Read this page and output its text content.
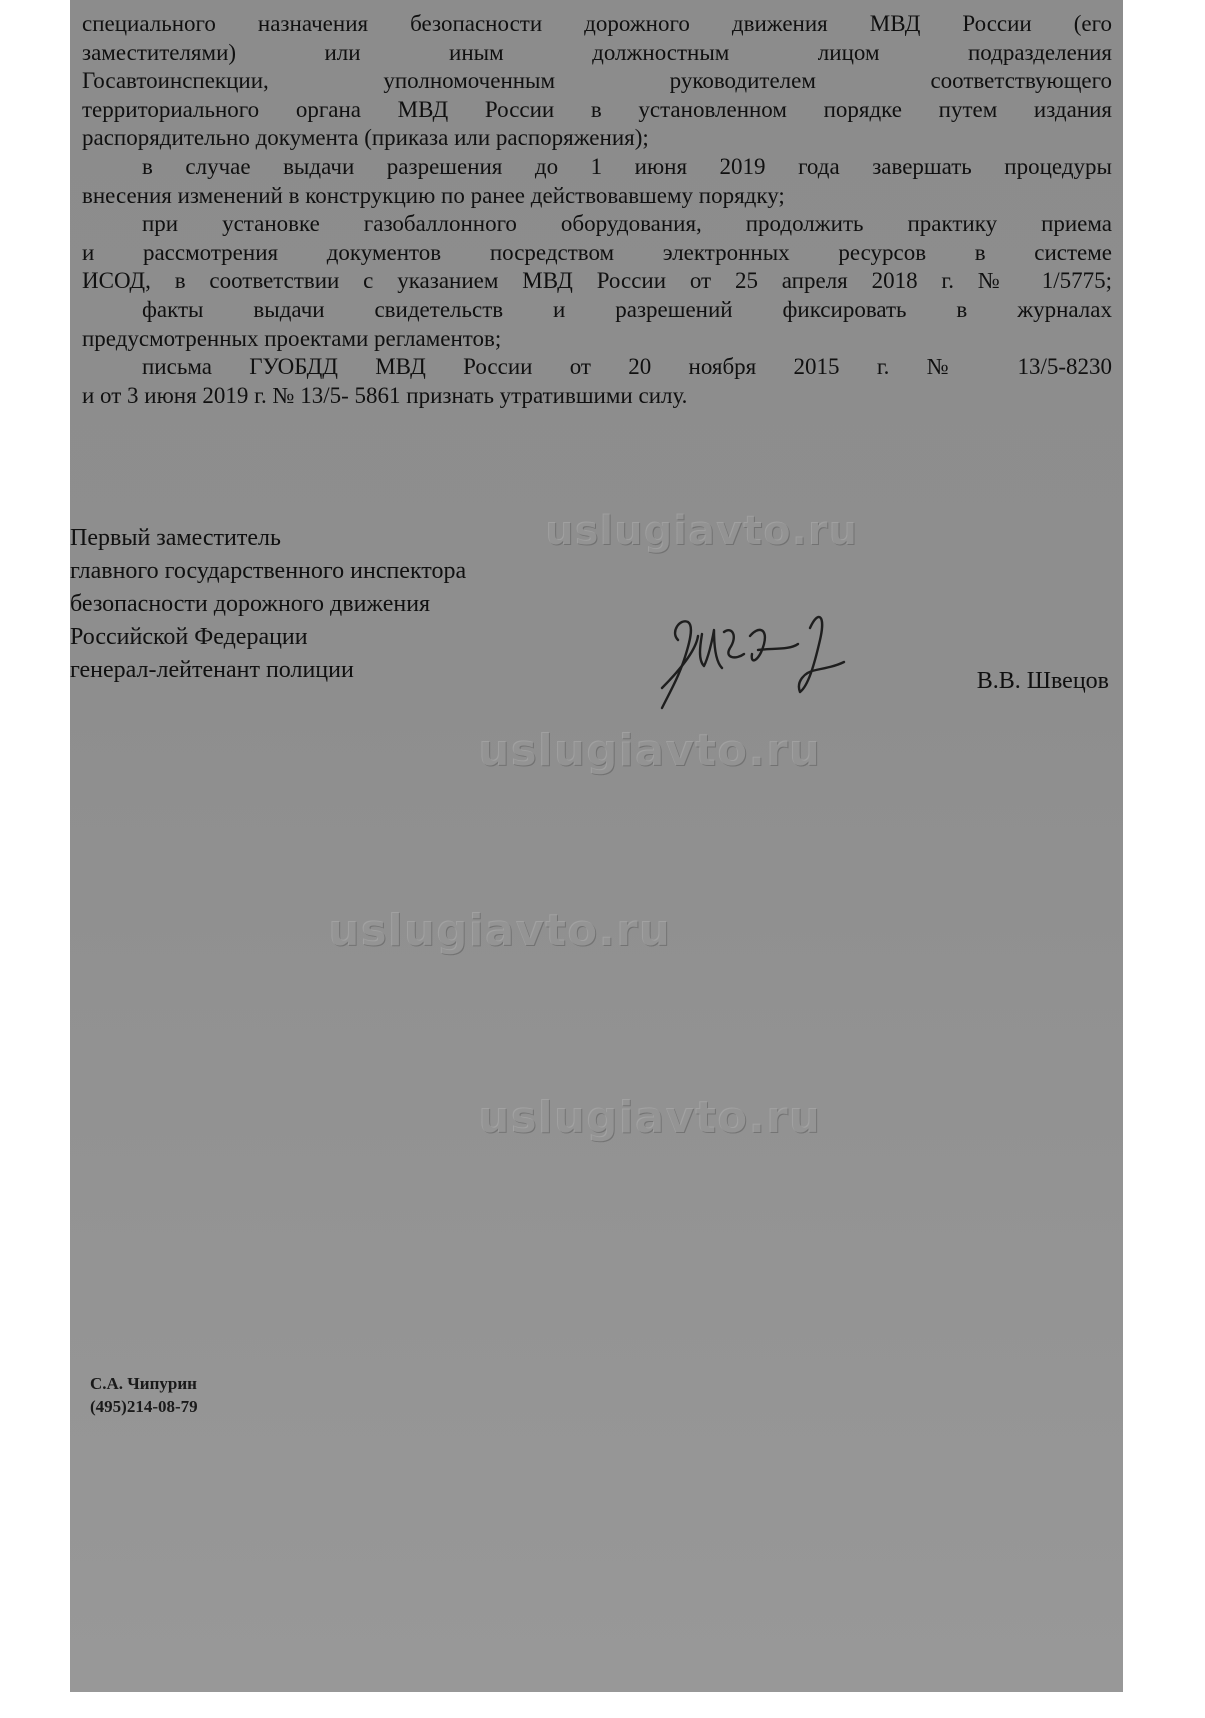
специального назначения безопасности дорожного движения МВД России (его

заместителями) или иным должностным лицом подразделения

Госавтоинспекции, уполномоченным руководителем соответствующего

территориального органа МВД России в установленном порядке путем издания

распорядительно документа (приказа или распоряжения);

в случае выдачи разрешения до 1 июня 2019 года завершать процедуры

внесения изменений в конструкцию по ранее действовавшему порядку;

при установке газобаллонного оборудования, продолжить практику приема

и рассмотрения документов посредством электронных ресурсов в системе

ИСОД, в соответствии с указанием МВД России от 25 апреля 2018 г. № 1/5775;

факты выдачи свидетельств и разрешений фиксировать в журналах

предусмотренных проектами регламентов;

письма ГУОБДД МВД России от 20 ноября 2015 г. № 13/5-8230

и от 3 июня 2019 г. № 13/5- 5861 признать утратившими силу.

Первый заместитель
главного государственного инспектора
безопасности дорожного движения
Российской Федерации
генерал-лейтенант полиции	В.В. Швецов
uslugiavto.ru
uslugiavto.ru
uslugiavto.ru
uslugiavto.ru
С.А. Чипурин
(495)214-08-79
